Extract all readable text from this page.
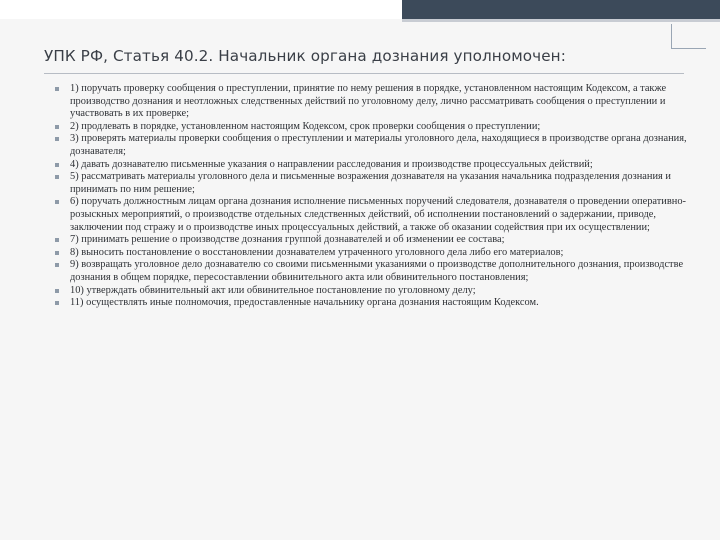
УПК РФ, Статья 40.2. Начальник органа дознания уполномочен:
1) поручать проверку сообщения о преступлении, принятие по нему решения в порядке, установленном настоящим Кодексом, а также производство дознания и неотложных следственных действий по уголовному делу, лично рассматривать сообщения о преступлении и участвовать в их проверке;
2) продлевать в порядке, установленном настоящим Кодексом, срок проверки сообщения о преступлении;
3) проверять материалы проверки сообщения о преступлении и материалы уголовного дела, находящиеся в производстве органа дознания, дознавателя;
4) давать дознавателю письменные указания о направлении расследования и производстве процессуальных действий;
5) рассматривать материалы уголовного дела и письменные возражения дознавателя на указания начальника подразделения дознания и принимать по ним решение;
6) поручать должностным лицам органа дознания исполнение письменных поручений следователя, дознавателя о проведении оперативно-розыскных мероприятий, о производстве отдельных следственных действий, об исполнении постановлений о задержании, приводе, заключении под стражу и о производстве иных процессуальных действий, а также об оказании содействия при их осуществлении;
7) принимать решение о производстве дознания группой дознавателей и об изменении ее состава;
8) выносить постановление о восстановлении дознавателем утраченного уголовного дела либо его материалов;
9) возвращать уголовное дело дознавателю со своими письменными указаниями о производстве дополнительного дознания, производстве дознания в общем порядке, пересоставлении обвинительного акта или обвинительного постановления;
10) утверждать обвинительный акт или обвинительное постановление по уголовному делу;
11) осуществлять иные полномочия, предоставленные начальнику органа дознания настоящим Кодексом.
